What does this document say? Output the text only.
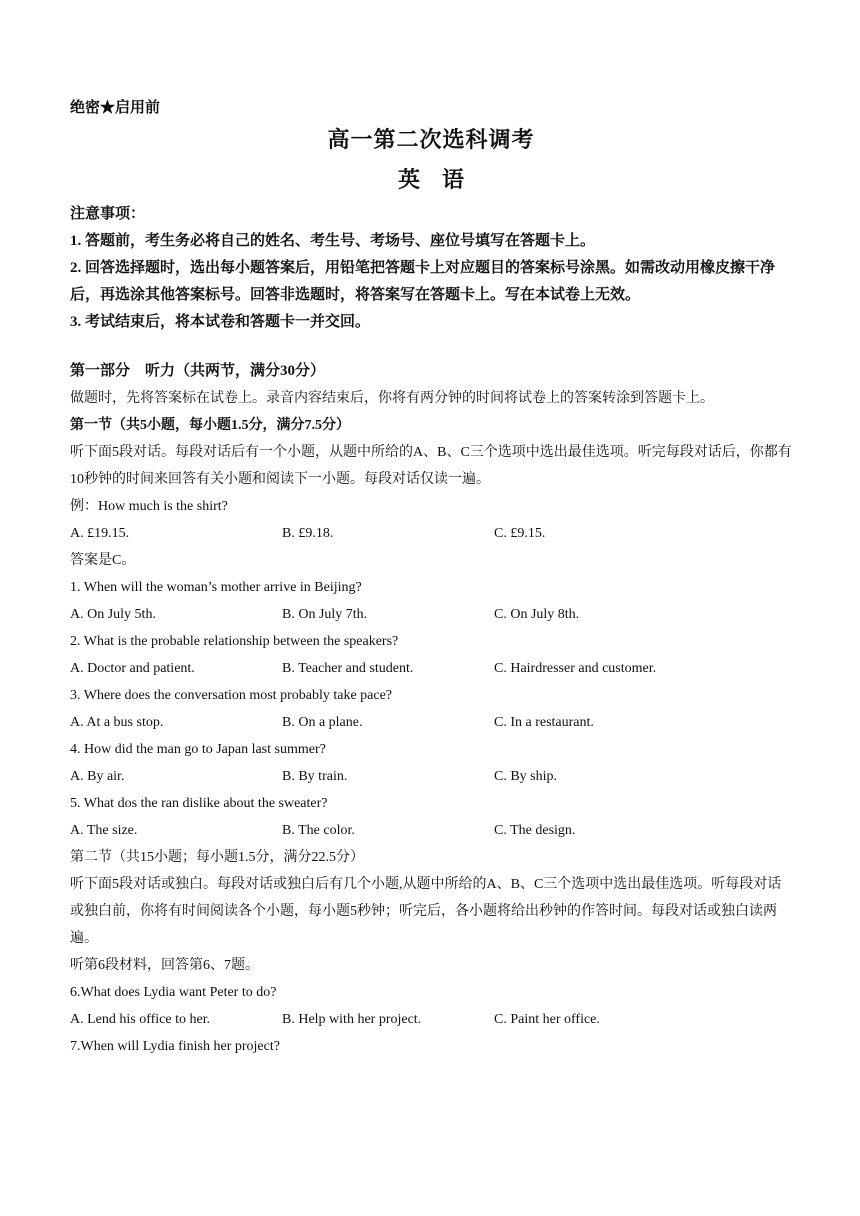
绝密★启用前
高一第二次选科调考
英　语
注意事项：
1. 答题前，考生务必将自己的姓名、考生号、考场号、座位号填写在答题卡上。
2. 回答选择题时，选出每小题答案后，用铅笔把答题卡上对应题目的答案标号涂黑。如需改动用橡皮擦干净后，再选涂其他答案标号。回答非选题时，将答案写在答题卡上。写在本试卷上无效。
3. 考试结束后，将本试卷和答题卡一并交回。
第一部分　听力（共两节，满分30分）
做题时，先将答案标在试卷上。录音内容结束后，你将有两分钟的时间将试卷上的答案转涂到答题卡上。
第一节（共5小题，每小题1.5分，满分7.5分）
听下面5段对话。每段对话后有一个小题，从题中所给的A、B、C三个选项中选出最佳选项。听完每段对话后，你都有10秒钟的时间来回答有关小题和阅读下一小题。每段对话仅读一遍。
例：How much is the shirt?
A. £19.15.	B. £9.18.	C. £9.15.
答案是C。
1. When will the woman’s mother arrive in Beijing?
A. On July 5th.	B. On July 7th.	C. On July 8th.
2. What is the probable relationship between the speakers?
A. Doctor and patient.	B. Teacher and student.	C. Hairdresser and customer.
3. Where does the conversation most probably take pace?
A. At a bus stop.	B. On a plane.	C. In a restaurant.
4. How did the man go to Japan last summer?
A. By air.	B. By train.	C. By ship.
5. What dos the ran dislike about the sweater?
A. The size.	B. The color.	C. The design.
第二节（共15小题；每小题1.5分，满分22.5分）
听下面5段对话或独白。每段对话或独白后有几个小题,从题中所给的A、B、C三个选项中选出最佳选项。听每段对话或独白前，你将有时间阅读各个小题，每小题5秒钟；听完后，各小题将给出秒钟的作答时间。每段对话或独白读两遍。
听第6段材料，回答第6、7题。
6.What does Lydia want Peter to do?
A. Lend his office to her.	B. Help with her project.	C. Paint her office.
7.When will Lydia finish her project?
